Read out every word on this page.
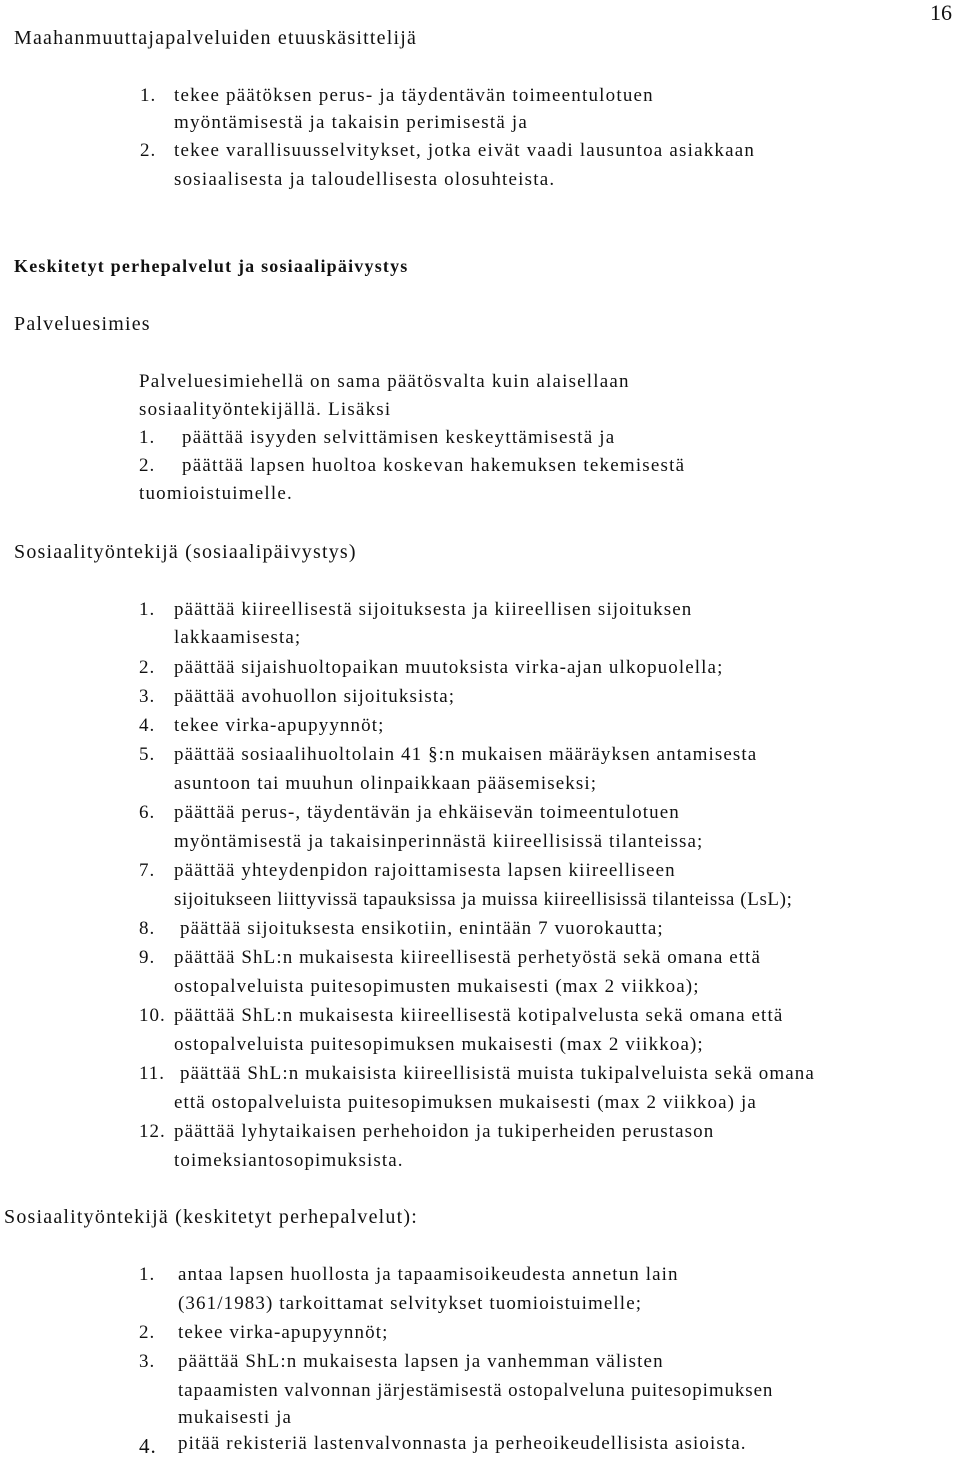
16
Maahanmuuttajapalveluiden etuuskäsittelijä
1. tekee päätöksen perus- ja täydentävän toimeentulotuen
myöntämisestä ja takaisin perimisestä ja
2. tekee varallisuusselvitykset, jotka eivät vaadi lausuntoa asiakkaan
sosiaalisesta ja taloudellisesta olosuhteista.
Keskitetyt perhepalvelut ja sosiaalipäivystys
Palveluesimies
Palveluesimiehellä on sama päätösvalta kuin alaisellaan
sosiaalityöntekijällä. Lisäksi
1. päättää isyyden selvittämisen keskeyttämisestä ja
2. päättää lapsen huoltoa koskevan hakemuksen tekemisestä
tuomioistuimelle.
Sosiaalityöntekijä (sosiaalipäivystys)
1. päättää kiireellisestä sijoituksesta ja kiireellisen sijoituksen
lakkaamisesta;
2. päättää sijaishuoltopaikan muutoksista virka-ajan ulkopuolella;
3. päättää avohuollon sijoituksista;
4. tekee virka-apupyynnöt;
5. päättää sosiaalihuoltolain 41 §:n mukaisen määräyksen antamisesta
asuntoon tai muuhun olinpaikkaan pääsemiseksi;
6. päättää perus-, täydentävän ja ehkäisevän toimeentulotuen
myöntämisestä ja takaisinperinnästä kiireellisissä tilanteissa;
7. päättää yhteydenpidon rajoittamisesta lapsen kiireelliseen
sijoitukseen liittyvissä tapauksissa ja muissa kiireellisissä tilanteissa (LsL);
8. päättää sijoituksesta ensikotiin, enintään 7 vuorokautta;
9. päättää ShL:n mukaisesta kiireellisestä perhetyöstä sekä omana että
ostopalveluista puitesopimusten mukaisesti (max 2 viikkoa);
10. päättää ShL:n mukaisesta kiireellisestä kotipalvelusta sekä omana että
ostopalveluista puitesopimuksen mukaisesti (max 2 viikkoa);
11. päättää ShL:n mukaisista kiireellisistä muista tukipalveluista sekä omana
että ostopalveluista puitesopimuksen mukaisesti (max 2 viikkoa) ja
12. päättää lyhytaikaisen perhehoidon ja tukiperheiden perustason
toimeksiantosopimuksista.
Sosiaalityöntekijä (keskitetyt perhepalvelut):
1. antaa lapsen huollosta ja tapaamisoikeudesta annetun lain
(361/1983) tarkoittamat selvitykset tuomioistuimelle;
2. tekee virka-apupyynnöt;
3. päättää ShL:n mukaisesta lapsen ja vanhemman välisten
tapaamisten valvonnan järjestämisestä ostopalveluna puitesopimuksen
mukaisesti ja
4. pitää rekisteriä lastenvalvonnasta ja perheoikeudellisista asioista.
